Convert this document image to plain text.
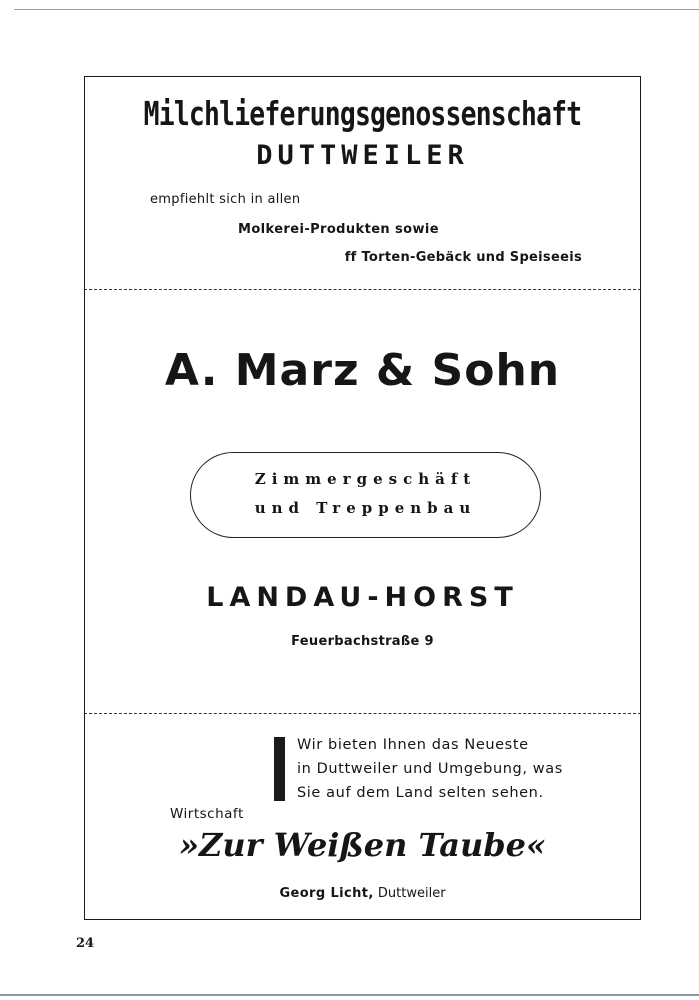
Milchlieferungsgenossenschaft
DUTTWEILER
empfiehlt sich in allen
Molkerei-Produkten sowie
ff Torten-Gebäck und Speiseeis
A. Marz & Sohn
Zimmergeschäft
und Treppenbau
LANDAU-HORST
Feuerbachstraße 9
Wir bieten Ihnen das Neueste
in Duttweiler und Umgebung, was
Sie auf dem Land selten sehen.
Wirtschaft
»Zur Weißen Taube«
Georg Licht, Duttweiler
24
